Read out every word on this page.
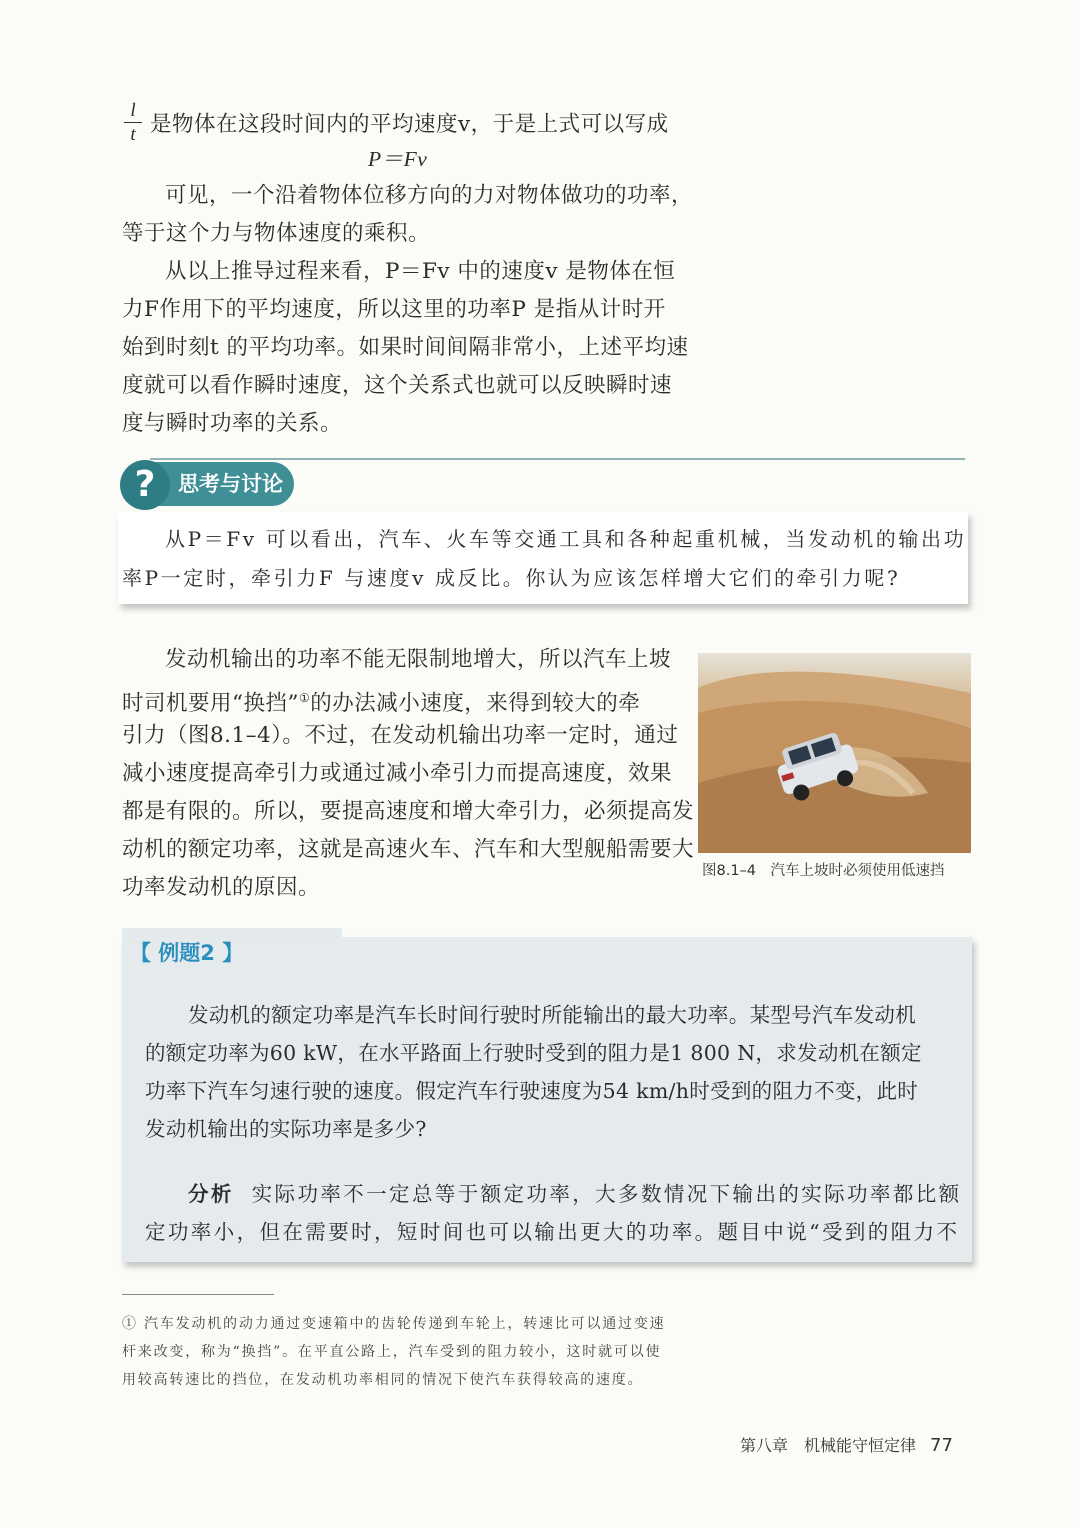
l
t 是物体在这段时间内的平均速度v，于是上式可以写成

P＝Fv

可见，一个沿着物体位移方向的力对物体做功的功率，

等于这个力与物体速度的乘积。

从以上推导过程来看，P＝Fv 中的速度v 是物体在恒

力F作用下的平均速度，所以这里的功率P 是指从计时开

始到时刻t 的平均功率。如果时间间隔非常小，上述平均速

度就可以看作瞬时速度，这个关系式也就可以反映瞬时速

度与瞬时功率的关系。

?	思考与讨论

从P＝Fv 可以看出，汽车、火车等交通工具和各种起重机械，当发动机的输出功

率P一定时，牵引力F 与速度v 成反比。你认为应该怎样增大它们的牵引力呢?

发动机输出的功率不能无限制地增大，所以汽车上坡

时司机要用“换挡”①的办法减小速度，来得到较大的牵

引力（图8.1–4）。不过，在发动机输出功率一定时，通过

减小速度提高牵引力或通过减小牵引力而提高速度，效果

都是有限的。所以，要提高速度和增大牵引力，必须提高发

动机的额定功率，这就是高速火车、汽车和大型舰船需要大

功率发动机的原因。

图8.1–4　汽车上坡时必须使用低速挡
【 例题2 】

发动机的额定功率是汽车长时间行驶时所能输出的最大功率。某型号汽车发动机

的额定功率为60 kW，在水平路面上行驶时受到的阻力是1 800 N，求发动机在额定

功率下汽车匀速行驶的速度。假定汽车行驶速度为54 km/h时受到的阻力不变，此时

发动机输出的实际功率是多少?

分析 实际功率不一定总等于额定功率，大多数情况下输出的实际功率都比额

定功率小，但在需要时，短时间也可以输出更大的功率。题目中说“受到的阻力不

① 汽车发动机的动力通过变速箱中的齿轮传递到车轮上，转速比可以通过变速

杆来改变，称为“换挡”。在平直公路上，汽车受到的阻力较小，这时就可以使

用较高转速比的挡位，在发动机功率相同的情况下使汽车获得较高的速度。

第八章　机械能守恒定律 77
